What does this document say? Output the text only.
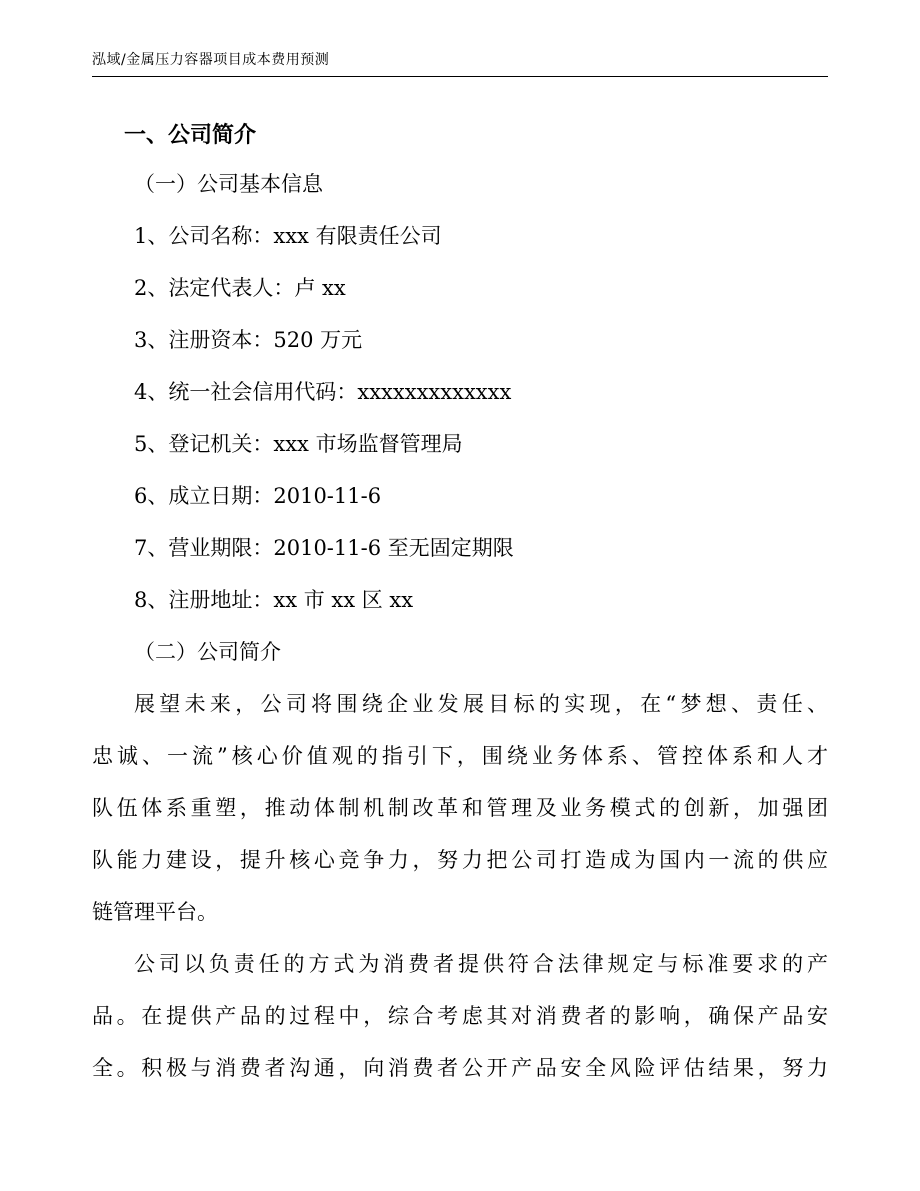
泓域/金属压力容器项目成本费用预测
一、公司简介
（一）公司基本信息
1、公司名称：xxx 有限责任公司
2、法定代表人：卢 xx
3、注册资本：520 万元
4、统一社会信用代码：xxxxxxxxxxxxx
5、登记机关：xxx 市场监督管理局
6、成立日期：2010-11-6
7、营业期限：2010-11-6 至无固定期限
8、注册地址：xx 市 xx 区 xx
（二）公司简介
展望未来，公司将围绕企业发展目标的实现，在“梦想、责任、
忠诚、一流”核心价值观的指引下，围绕业务体系、管控体系和人才
队伍体系重塑，推动体制机制改革和管理及业务模式的创新，加强团
队能力建设，提升核心竞争力，努力把公司打造成为国内一流的供应
链管理平台。
公司以负责任的方式为消费者提供符合法律规定与标准要求的产
品。在提供产品的过程中，综合考虑其对消费者的影响，确保产品安
全。积极与消费者沟通，向消费者公开产品安全风险评估结果，努力
